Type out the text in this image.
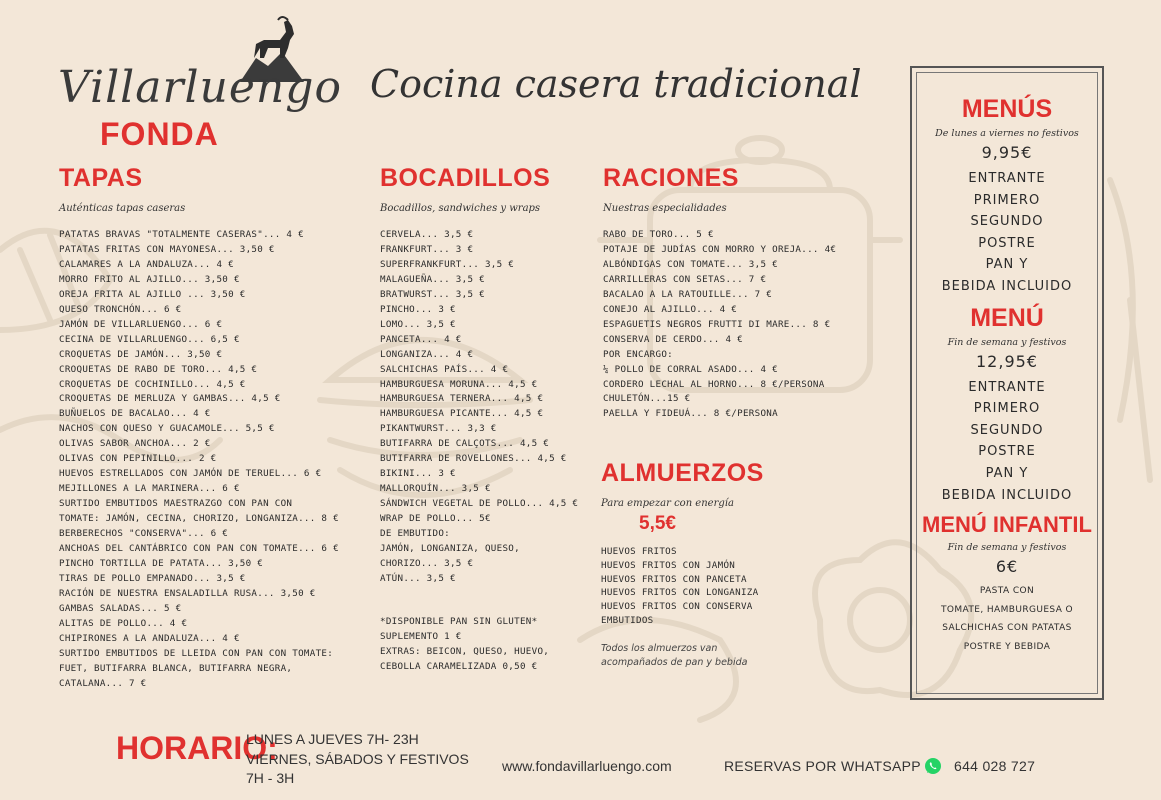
Villarluengo
FONDA
Cocina casera tradicional
TAPAS
Auténticas tapas caseras
PATATAS BRAVAS "TOTALMENTE CASERAS"... 4 €
PATATAS FRITAS CON MAYONESA... 3,50 €
CALAMARES A LA ANDALUZA... 4 €
MORRO FRITO AL AJILLO... 3,50 €
OREJA FRITA AL AJILLO ... 3,50 €
QUESO TRONCHÓN... 6 €
JAMÓN DE VILLARLUENGO... 6 €
CECINA DE VILLARLUENGO... 6,5 €
CROQUETAS DE JAMÓN... 3,50 €
CROQUETAS DE RABO DE TORO... 4,5 €
CROQUETAS DE COCHINILLO... 4,5 €
CROQUETAS DE MERLUZA Y GAMBAS... 4,5 €
BUÑUELOS DE BACALAO... 4 €
NACHOS CON QUESO Y GUACAMOLE... 5,5 €
OLIVAS SABOR ANCHOA... 2 €
OLIVAS CON PEPINILLO... 2 €
HUEVOS ESTRELLADOS CON JAMÓN DE TERUEL... 6 €
MEJILLONES A LA MARINERA... 6 €
SURTIDO EMBUTIDOS MAESTRAZGO CON PAN CON
TOMATE: JAMÓN, CECINA, CHORIZO, LONGANIZA... 8 €
BERBERECHOS "CONSERVA"... 6 €
ANCHOAS DEL CANTÁBRICO CON PAN CON TOMATE... 6 €
PINCHO TORTILLA DE PATATA... 3,50 €
TIRAS DE POLLO EMPANADO... 3,5 €
RACIÓN DE NUESTRA ENSALADILLA RUSA... 3,50 €
GAMBAS SALADAS... 5 €
ALITAS DE POLLO... 4 €
CHIPIRONES A LA ANDALUZA... 4 €
SURTIDO EMBUTIDOS DE LLEIDA CON PAN CON TOMATE:
FUET, BUTIFARRA BLANCA, BUTIFARRA NEGRA,
CATALANA... 7 €
BOCADILLOS
Bocadillos, sandwiches y wraps
CERVELA... 3,5 €
FRANKFURT... 3 €
SUPERFRANKFURT... 3,5 €
MALAGUEÑA... 3,5 €
BRATWURST... 3,5 €
PINCHO... 3 €
LOMO... 3,5 €
PANCETA... 4 €
LONGANIZA... 4 €
SALCHICHAS PAÍS... 4 €
HAMBURGUESA MORUNA... 4,5 €
HAMBURGUESA TERNERA... 4,5 €
HAMBURGUESA PICANTE... 4,5 €
PIKANTWURST... 3,3 €
BUTIFARRA DE CALÇOTS... 4,5 €
BUTIFARRA DE ROVELLONES... 4,5 €
BIKINI... 3 €
MALLORQUÍN... 3,5 €
SÁNDWICH VEGETAL DE POLLO... 4,5 €
WRAP DE POLLO... 5€
DE EMBUTIDO:
JAMÓN, LONGANIZA, QUESO,
CHORIZO... 3,5 €
ATÚN... 3,5 €
*DISPONIBLE PAN SIN GLUTEN*
SUPLEMENTO 1 €
EXTRAS: BEICON, QUESO, HUEVO,
CEBOLLA CARAMELIZADA 0,50 €
RACIONES
Nuestras especialidades
RABO DE TORO... 5 €
POTAJE DE JUDÍAS CON MORRO Y OREJA... 4€
ALBÓNDIGAS CON TOMATE... 3,5 €
CARRILLERAS CON SETAS... 7 €
BACALAO A LA RATOUILLE... 7 €
CONEJO AL AJILLO... 4 €
ESPAGUETIS NEGROS FRUTTI DI MARE... 8 €
CONSERVA DE CERDO... 4 €
POR ENCARGO:
¼ POLLO DE CORRAL ASADO... 4 €
CORDERO LECHAL AL HORNO... 8 €/PERSONA
CHULETÓN...15 €
PAELLA Y FIDEUÁ... 8 €/PERSONA
ALMUERZOS
Para empezar con energía
5,5€
HUEVOS FRITOS
HUEVOS FRITOS CON JAMÓN
HUEVOS FRITOS CON PANCETA
HUEVOS FRITOS CON LONGANIZA
HUEVOS FRITOS CON CONSERVA
EMBUTIDOS
Todos los almuerzos van
acompañados de pan y bebida
MENÚS
De lunes a viernes no festivos
9,95€
ENTRANTE
PRIMERO
SEGUNDO
POSTRE
PAN Y
BEBIDA INCLUIDO
MENÚ
Fin de semana y festivos
12,95€
ENTRANTE
PRIMERO
SEGUNDO
POSTRE
PAN Y
BEBIDA INCLUIDO
MENÚ INFANTIL
Fin de semana y festivos
6€
PASTA CON
TOMATE, HAMBURGUESA O
SALCHICHAS CON PATATAS
POSTRE Y BEBIDA
HORARIO:
LUNES A JUEVES 7H- 23H
VIERNES, SÁBADOS Y FESTIVOS
7H - 3H
www.fondavillarluengo.com	RESERVAS POR WHATSAPP 644 028 727
